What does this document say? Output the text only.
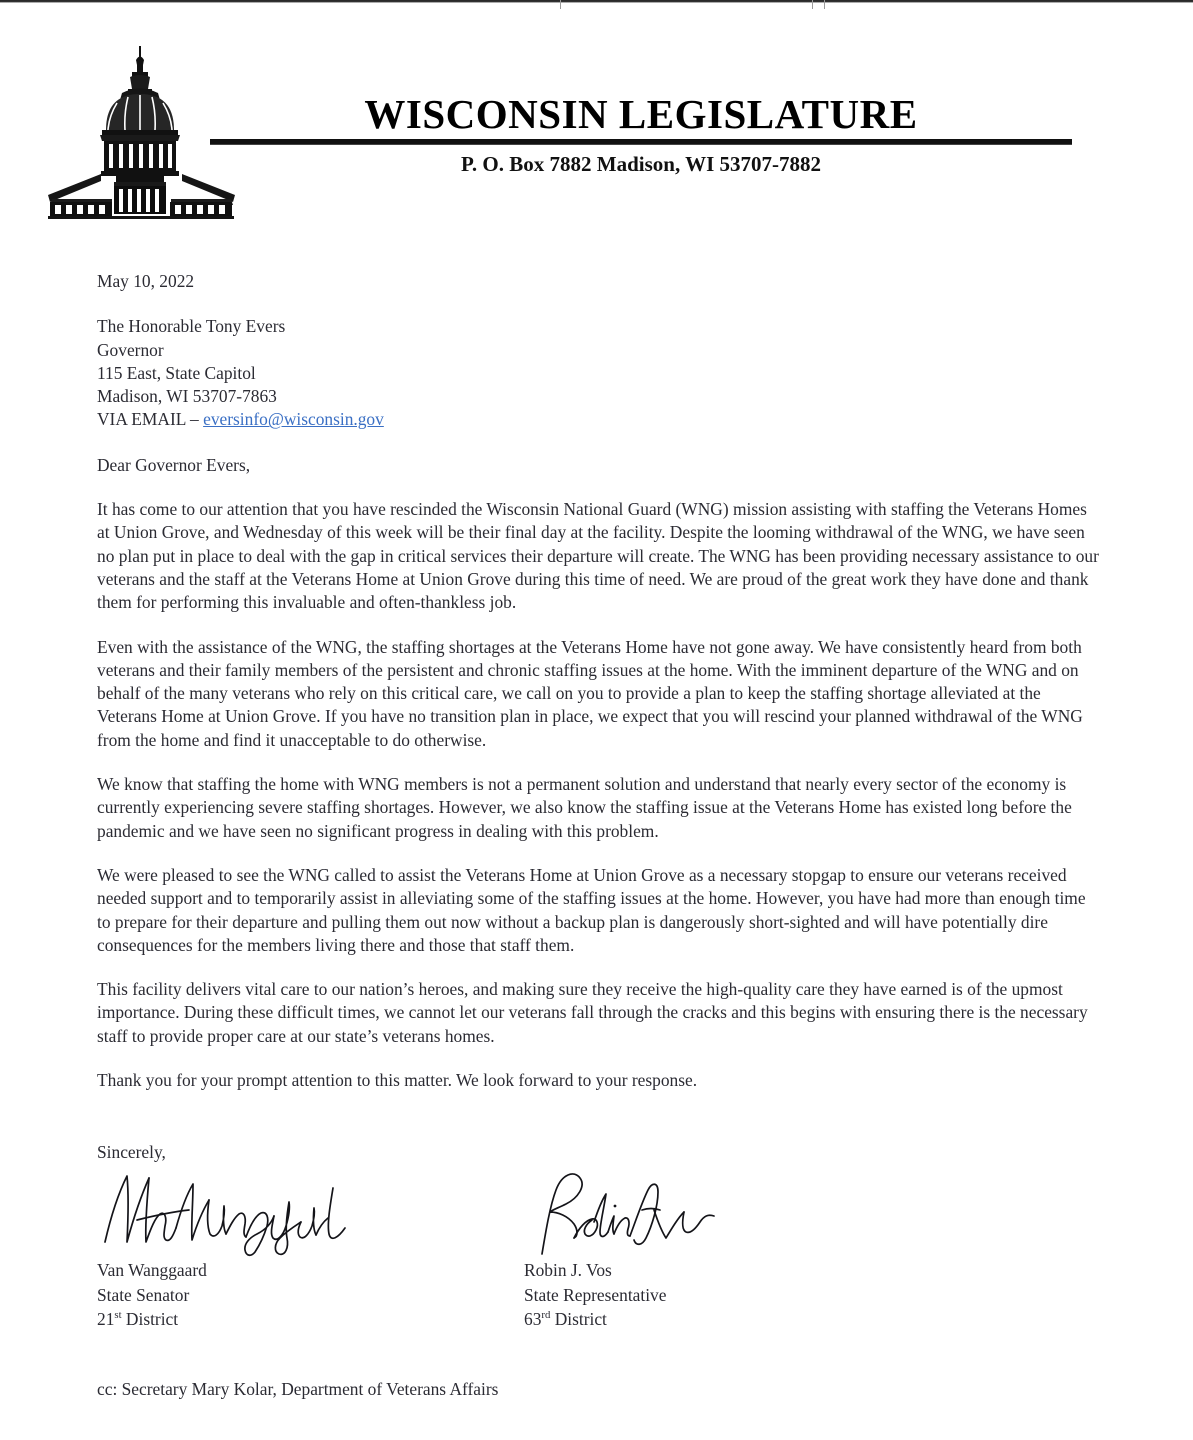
WISCONSIN LEGISLATURE
P. O. Box 7882 Madison, WI 53707-7882

May 10, 2022

The Honorable Tony Evers
Governor
115 East, State Capitol
Madison, WI 53707-7863
VIA EMAIL – eversinfo@wisconsin.gov

Dear Governor Evers,

It has come to our attention that you have rescinded the Wisconsin National Guard (WNG) mission assisting with staffing the Veterans Homes at Union Grove, and Wednesday of this week will be their final day at the facility. Despite the looming withdrawal of the WNG, we have seen no plan put in place to deal with the gap in critical services their departure will create. The WNG has been providing necessary assistance to our veterans and the staff at the Veterans Home at Union Grove during this time of need. We are proud of the great work they have done and thank them for performing this invaluable and often-thankless job.

Even with the assistance of the WNG, the staffing shortages at the Veterans Home have not gone away. We have consistently heard from both veterans and their family members of the persistent and chronic staffing issues at the home. With the imminent departure of the WNG and on behalf of the many veterans who rely on this critical care, we call on you to provide a plan to keep the staffing shortage alleviated at the Veterans Home at Union Grove. If you have no transition plan in place, we expect that you will rescind your planned withdrawal of the WNG from the home and find it unacceptable to do otherwise.

We know that staffing the home with WNG members is not a permanent solution and understand that nearly every sector of the economy is currently experiencing severe staffing shortages. However, we also know the staffing issue at the Veterans Home has existed long before the pandemic and we have seen no significant progress in dealing with this problem.

We were pleased to see the WNG called to assist the Veterans Home at Union Grove as a necessary stopgap to ensure our veterans received needed support and to temporarily assist in alleviating some of the staffing issues at the home. However, you have had more than enough time to prepare for their departure and pulling them out now without a backup plan is dangerously short-sighted and will have potentially dire consequences for the members living there and those that staff them.

This facility delivers vital care to our nation’s heroes, and making sure they receive the high-quality care they have earned is of the upmost importance. During these difficult times, we cannot let our veterans fall through the cracks and this begins with ensuring there is the necessary staff to provide proper care at our state’s veterans homes.

Thank you for your prompt attention to this matter. We look forward to your response.

Sincerely,
Van Wanggaard
State Senator
21st District
Robin J. Vos
State Representative
63rd District
cc: Secretary Mary Kolar, Department of Veterans Affairs
